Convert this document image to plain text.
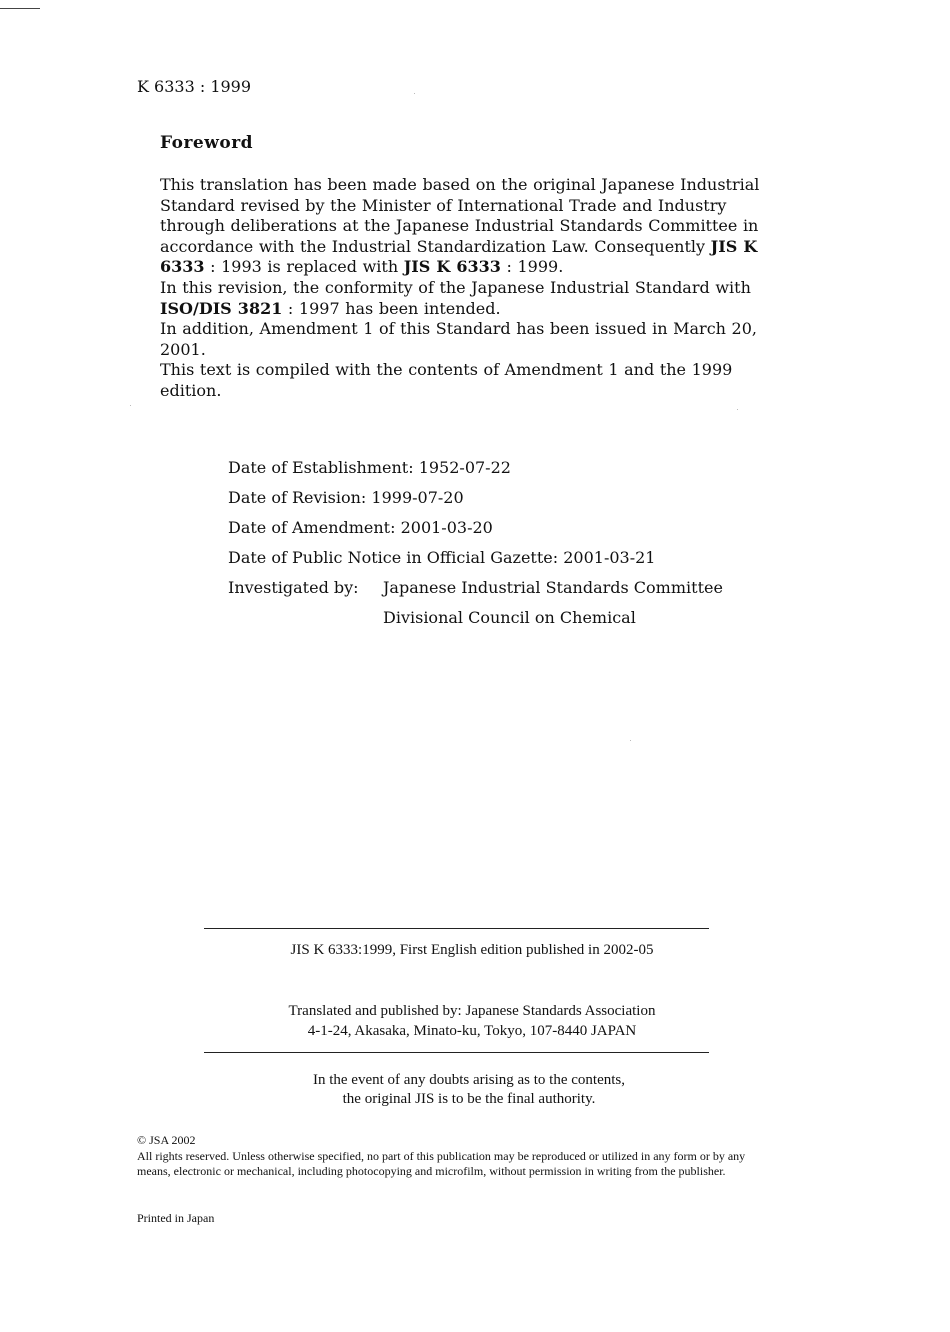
K 6333 : 1999
Foreword

This translation has been made based on the original Japanese Industrial Standard revised by the Minister of International Trade and Industry through deliberations at the Japanese Industrial Standards Committee in accordance with the Industrial Standardization Law. Consequently JIS K 6333 : 1993 is replaced with JIS K 6333 : 1999.

In this revision, the conformity of the Japanese Industrial Standard with ISO/DIS 3821 : 1997 has been intended.

In addition, Amendment 1 of this Standard has been issued in March 20, 2001.

This text is compiled with the contents of Amendment 1 and the 1999 edition.

Date of Establishment: 1952-07-22
Date of Revision: 1999-07-20
Date of Amendment: 2001-03-20
Date of Public Notice in Official Gazette: 2001-03-21
Investigated by: Japanese Industrial Standards Committee
Divisional Council on Chemical
JIS K 6333:1999, First English edition published in 2002-05
Translated and published by: Japanese Standards Association
4-1-24, Akasaka, Minato-ku, Tokyo, 107-8440 JAPAN
In the event of any doubts arising as to the contents,
the original JIS is to be the final authority.
© JSA 2002
All rights reserved. Unless otherwise specified, no part of this publication may be reproduced or utilized in any form or by any means, electronic or mechanical, including photocopying and microfilm, without permission in writing from the publisher.
Printed in Japan
